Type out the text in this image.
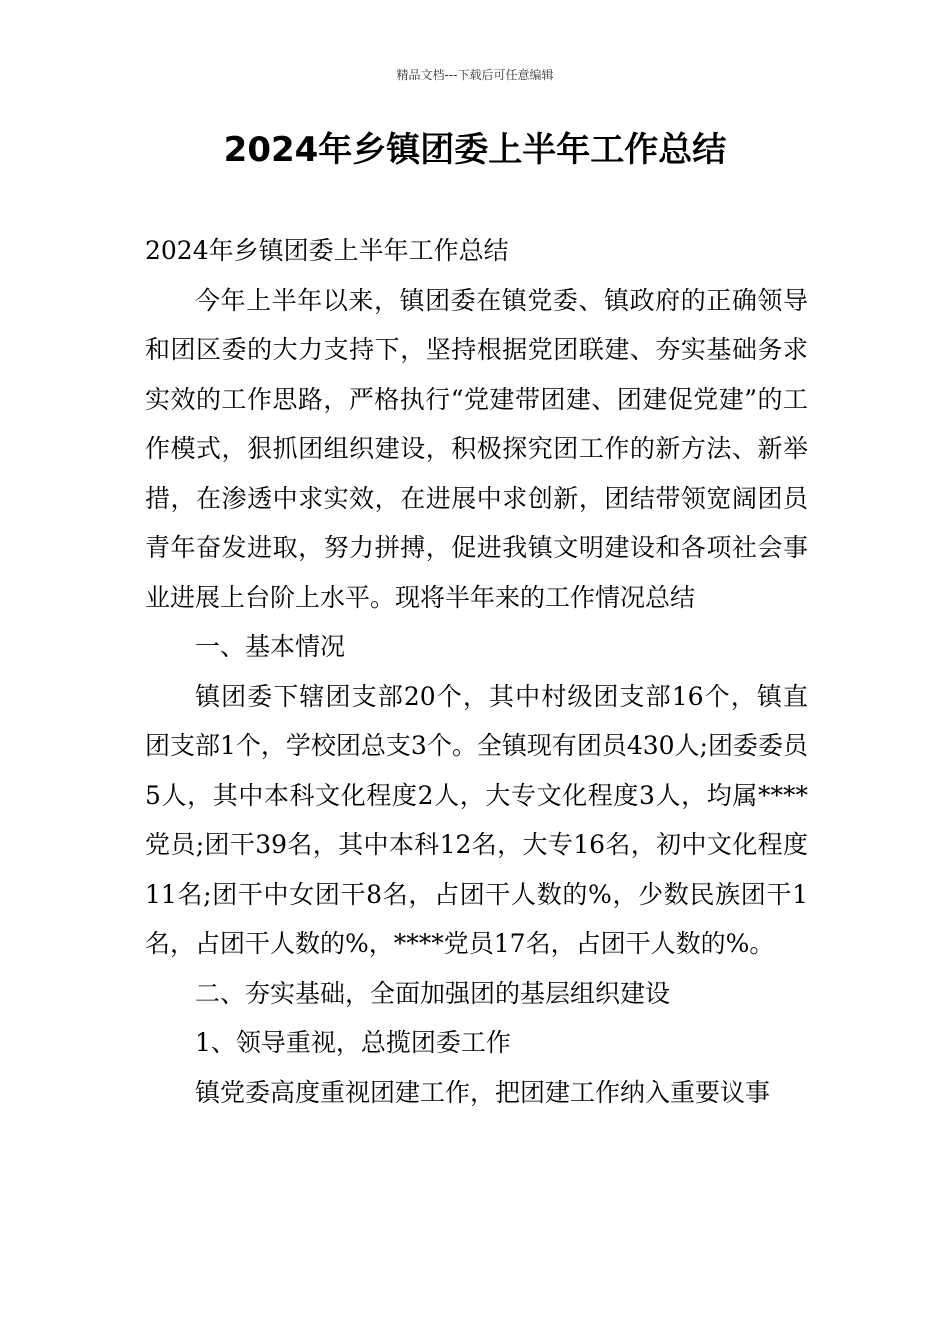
精品文档---下载后可任意编辑
2024年乡镇团委上半年工作总结

2024年乡镇团委上半年工作总结

今年上半年以来，镇团委在镇党委、镇政府的正确领导和团区委的大力支持下，坚持根据党团联建、夯实基础务求实效的工作思路，严格执行“党建带团建、团建促党建”的工作模式，狠抓团组织建设，积极探究团工作的新方法、新举措，在渗透中求实效，在进展中求创新，团结带领宽阔团员青年奋发进取，努力拼搏，促进我镇文明建设和各项社会事业进展上台阶上水平。现将半年来的工作情况总结

一、基本情况

镇团委下辖团支部20个，其中村级团支部16个，镇直团支部1个，学校团总支3个。全镇现有团员430人;团委委员5人，其中本科文化程度2人，大专文化程度3人，均属****党员;团干39名，其中本科12名，大专16名，初中文化程度11名;团干中女团干8名，占团干人数的%，少数民族团干1名，占团干人数的%，****党员17名，占团干人数的%。

二、夯实基础，全面加强团的基层组织建设

1、领导重视，总揽团委工作

镇党委高度重视团建工作，把团建工作纳入重要议事
